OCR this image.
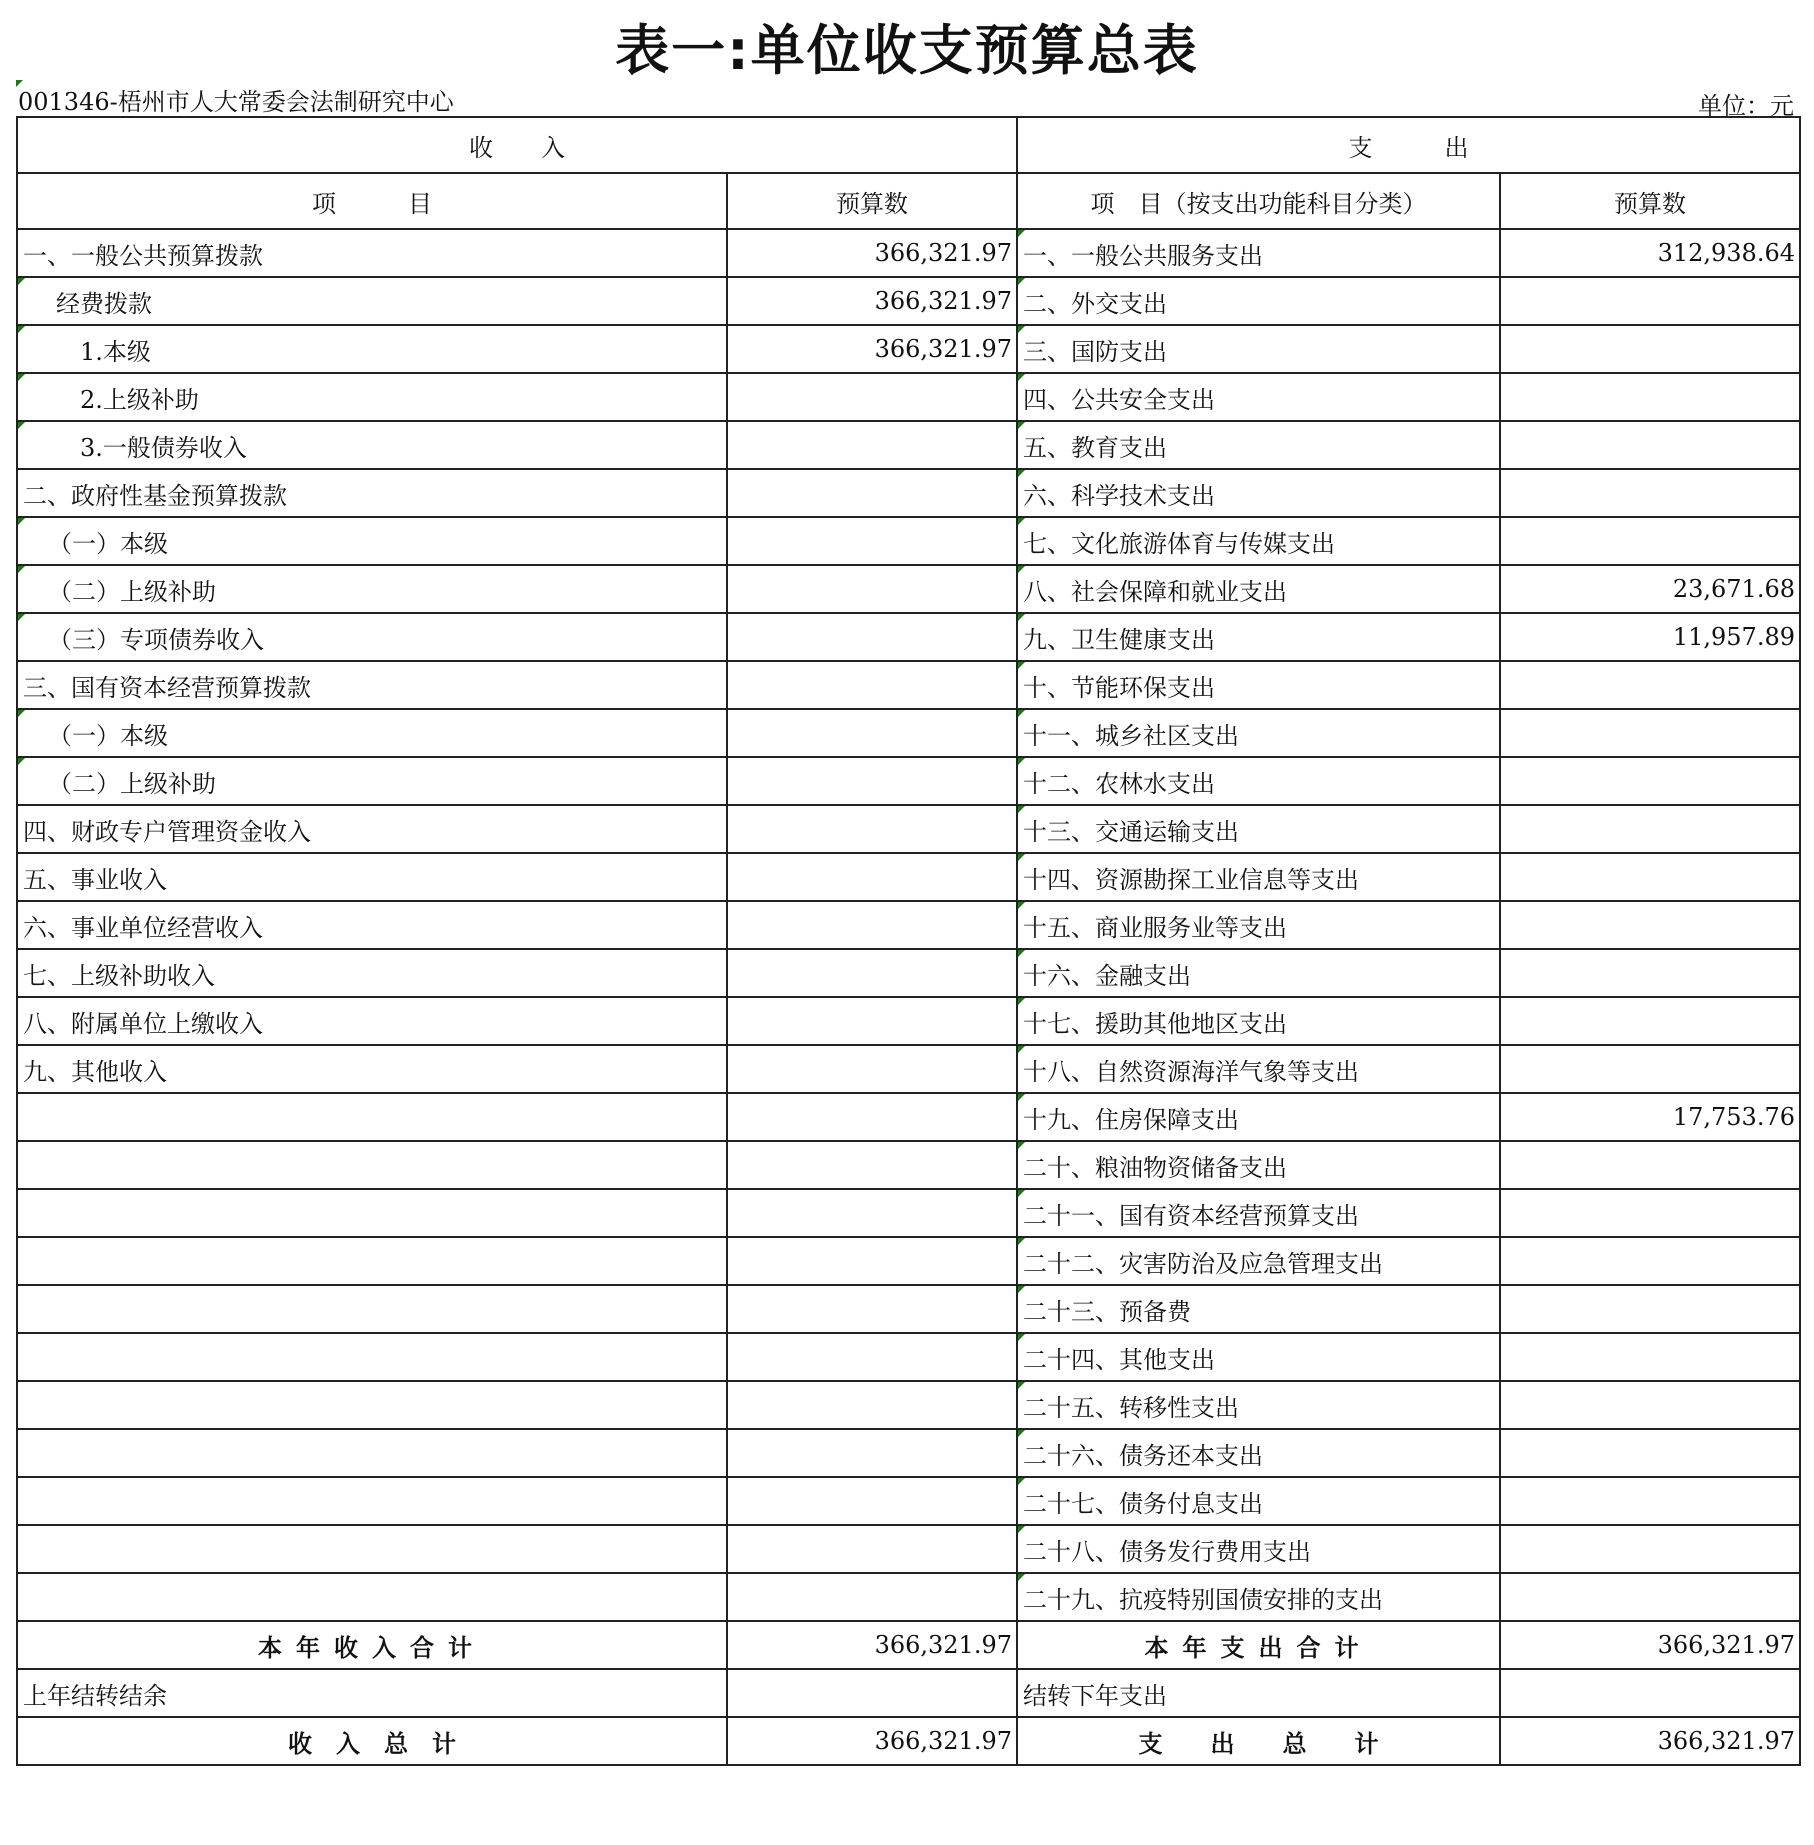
表一:单位收支预算总表
001346-梧州市人大常委会法制研究中心	单位：元
收　　入		支　　　出	
项　　　目	预算数	项　目（按支出功能科目分类）	预算数
一、一般公共预算拨款	366,321.97	一、一般公共服务支出	312,938.64
经费拨款	366,321.97	二、外交支出	
1.本级	366,321.97	三、国防支出	
2.上级补助		四、公共安全支出	
3.一般债券收入		五、教育支出	
二、政府性基金预算拨款		六、科学技术支出	
（一）本级		七、文化旅游体育与传媒支出	
（二）上级补助		八、社会保障和就业支出	23,671.68
（三）专项债券收入		九、卫生健康支出	11,957.89
三、国有资本经营预算拨款		十、节能环保支出	
（一）本级		十一、城乡社区支出	
（二）上级补助		十二、农林水支出	
四、财政专户管理资金收入		十三、交通运输支出	
五、事业收入		十四、资源勘探工业信息等支出	
六、事业单位经营收入		十五、商业服务业等支出	
七、上级补助收入		十六、金融支出	
八、附属单位上缴收入		十七、援助其他地区支出	
九、其他收入		十八、自然资源海洋气象等支出	
		十九、住房保障支出	17,753.76
		二十、粮油物资储备支出	
		二十一、国有资本经营预算支出	
		二十二、灾害防治及应急管理支出	
		二十三、预备费	
		二十四、其他支出	
		二十五、转移性支出	
		二十六、债务还本支出	
		二十七、债务付息支出	
		二十八、债务发行费用支出	
		二十九、抗疫特别国债安排的支出	
本年收入合计	366,321.97	本年支出合计	366,321.97
上年结转结余		结转下年支出	
收　入　总　计	366,321.97	支　　出　　总　　计	366,321.97
